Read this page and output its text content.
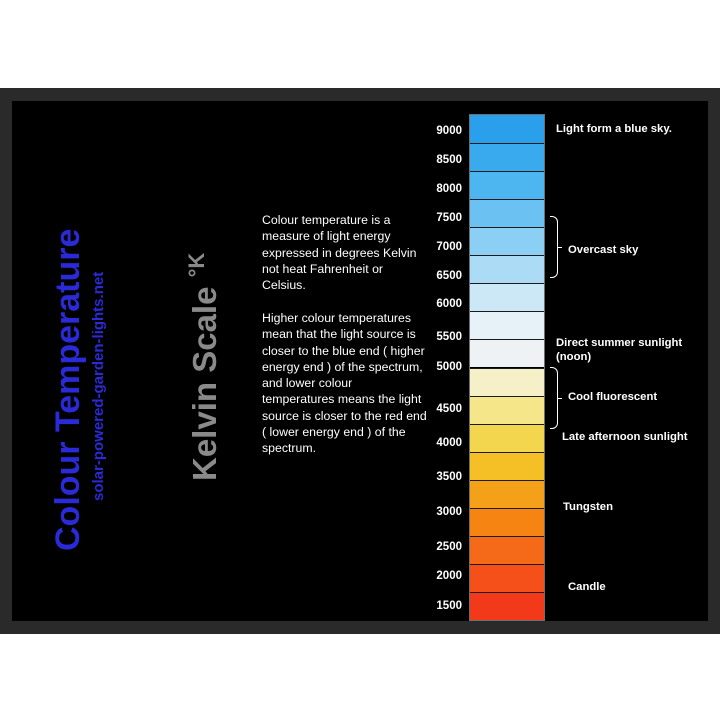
Colour Temperature solar-powered-garden-lights.net Kelvin Scale $^{^\circ K}$
Colour temperature is a measure of light energy expressed in degrees Kelvin not heat Fahrenheit or Celsius.
Higher colour temperatures mean that the light source is closer to the blue end ( higher energy end ) of the spectrum, and lower colour temperatures means the light source is closer to the red end ( lower energy end ) of the spectrum.
9000
8500
8000
7500
7000
6500
6000
5500
5000
4500
4000
3500
3000
2500
2000
1500
Light form a blue sky.
Overcast sky
Direct summer sunlight (noon)
Cool fluorescent
Late afternoon sunlight
Tungsten
Candle
